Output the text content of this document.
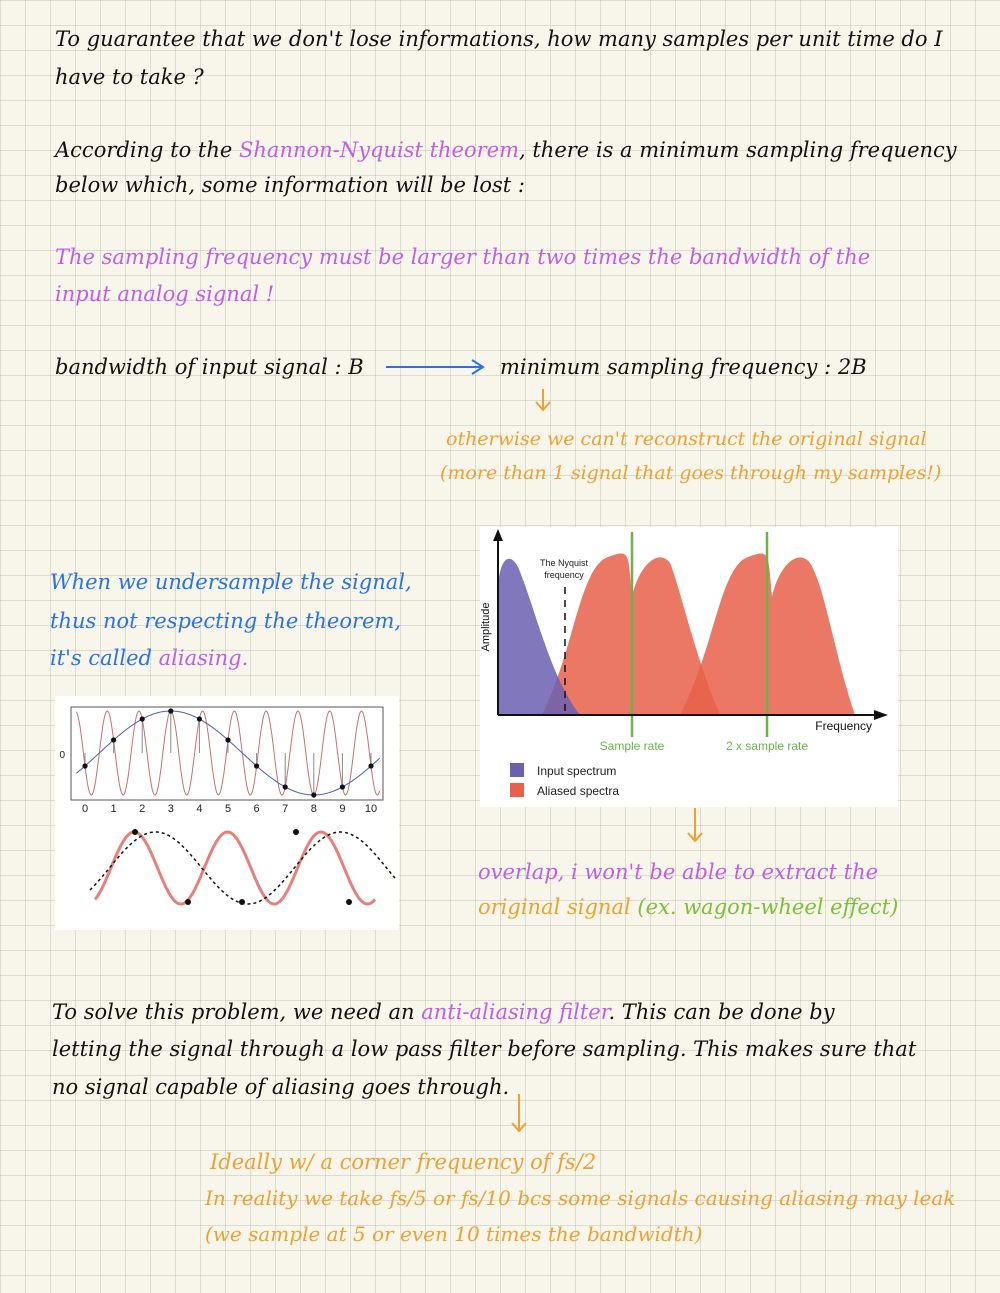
To guarantee that we don't lose informations, how many samples per unit time do I
have to take ?
According to the Shannon-Nyquist theorem, there is a minimum sampling frequency
below which, some information will be lost :
The sampling frequency must be larger than two times the bandwidth of the
input analog signal !
bandwidth of input signal : B	minimum sampling frequency : 2B
otherwise we can't reconstruct the original signal
(more than 1 signal that goes through my samples!)
When we undersample the signal,
thus not respecting the theorem,
it's called aliasing.
Amplitude
The Nyquist
frequency
Frequency
Sample rate	2 x sample rate
Input spectrum
Aliased spectra
0
0 1 2 3 4 5 6 7 8 9 10
overlap, i won't be able to extract the
original signal (ex. wagon-wheel effect)
To solve this problem, we need an anti-aliasing filter. This can be done by
letting the signal through a low pass filter before sampling. This makes sure that
no signal capable of aliasing goes through.
Ideally w/ a corner frequency of fs/2
In reality we take fs/5 or fs/10 bcs some signals causing aliasing may leak
(we sample at 5 or even 10 times the bandwidth)
